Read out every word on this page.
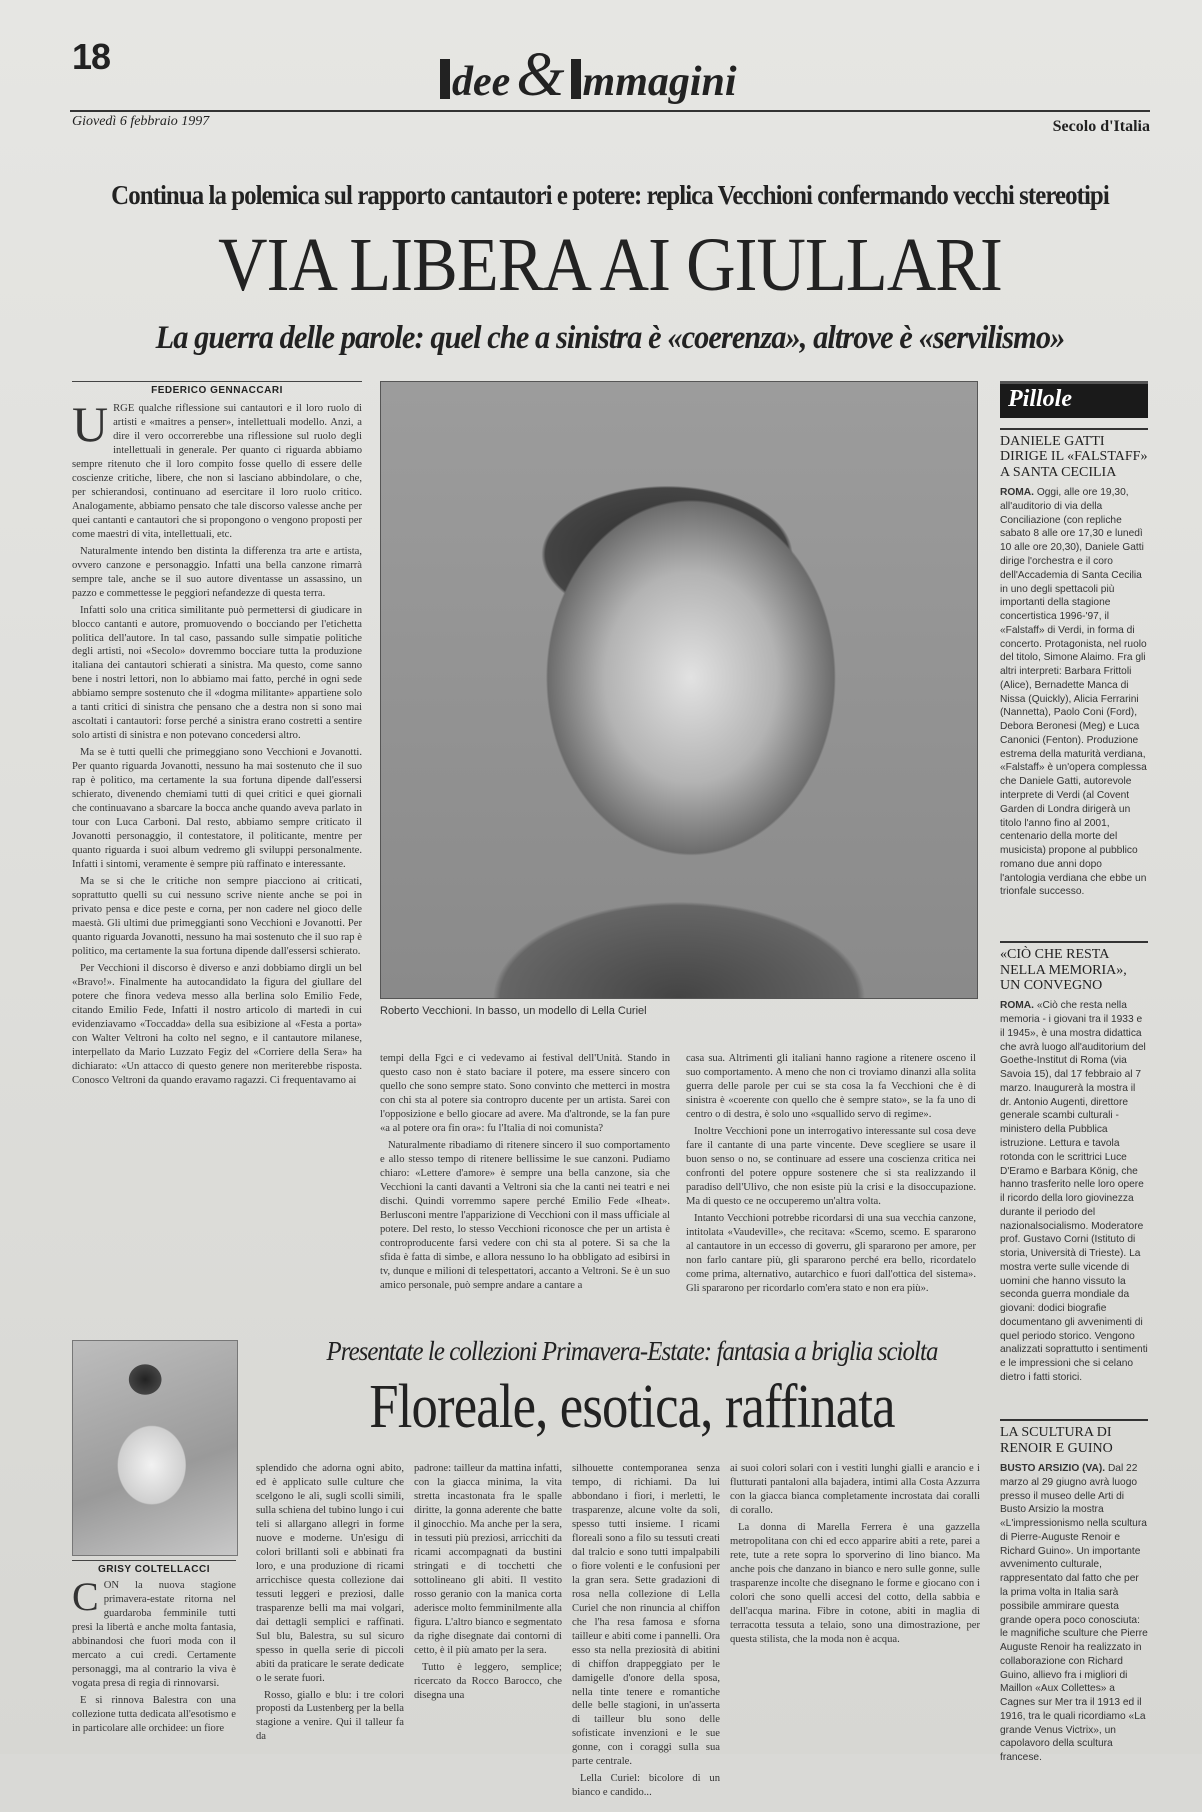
18
dee& mmagini
Giovedì 6 febbraio 1997	Secolo d'Italia
Continua la polemica sul rapporto cantautori e potere: replica Vecchioni confermando vecchi stereotipi
VIA LIBERA AI GIULLARI
La guerra delle parole: quel che a sinistra è «coerenza», altrove è «servilismo»
FEDERICO GENNACCARI
U RGE qualche riflessione sui cantautori e il loro ruolo di artisti e «maitres a penser», intellettuali modello. Anzi, a dire il vero occorrerebbe una riflessione sul ruolo degli intellettuali in generale. Per quanto ci riguarda abbiamo sempre ritenuto che il loro compito fosse quello di essere delle coscienze critiche, libere, che non si lasciano abbindolare, o che, per schierandosi, continuano ad esercitare il loro ruolo critico. Analogamente, abbiamo pensato che tale discorso valesse anche per quei cantanti e cantautori che si propongono o vengono proposti per come maestri di vita, intellettuali, etc.

Naturalmente intendo ben distinta la differenza tra arte e artista, ovvero canzone e personaggio. Infatti una bella canzone rimarrà sempre tale, anche se il suo autore diventasse un assassino, un pazzo e commettesse le peggiori nefandezze di questa terra.

Infatti solo una critica similitante può permettersi di giudicare in blocco cantanti e autore, promuovendo o bocciando per l'etichetta politica dell'autore. In tal caso, passando sulle simpatie politiche degli artisti, noi «Secolo» dovremmo bocciare tutta la produzione italiana dei cantautori schierati a sinistra. Ma questo, come sanno bene i nostri lettori, non lo abbiamo mai fatto, perché in ogni sede abbiamo sempre sostenuto che il «dogma militante» appartiene solo a tanti critici di sinistra che pensano che a destra non si sono mai ascoltati i cantautori: forse perché a sinistra erano costretti a sentire solo artisti di sinistra e non potevano concedersi altro.

Ma se è tutti quelli che primeggiano sono Vecchioni e Jovanotti. Per quanto riguarda Jovanotti, nessuno ha mai sostenuto che il suo rap è politico, ma certamente la sua fortuna dipende dall'essersi schierato, divenendo chemiami tutti di quei critici e quei giornali che continuavano a sbarcare la bocca anche quando aveva parlato in tour con Luca Carboni. Dal resto, abbiamo sempre criticato il Jovanotti personaggio, il contestatore, il politicante, mentre per quanto riguarda i suoi album vedremo gli sviluppi personalmente. Infatti i sintomi, veramente è sempre più raffinato e interessante.

Ma se si che le critiche non sempre piacciono ai criticati, soprattutto quelli su cui nessuno scrive niente anche se poi in privato pensa e dice peste e corna, per non cadere nel gioco delle maestà. Gli ultimi due primeggianti sono Vecchioni e Jovanotti. Per quanto riguarda Jovanotti, nessuno ha mai sostenuto che il suo rap è politico, ma certamente la sua fortuna dipende dall'essersi schierato.

Per Vecchioni il discorso è diverso e anzi dobbiamo dirgli un bel «Bravo!». Finalmente ha autocandidato la figura del giullare del potere che finora vedeva messo alla berlina solo Emilio Fede, citando Emilio Fede, Infatti il nostro articolo di martedì in cui evidenziavamo «Toccadda» della sua esibizione al «Festa a porta» con Walter Veltroni ha colto nel segno, e il cantautore milanese, interpellato da Mario Luzzato Fegiz del «Corriere della Sera» ha dichiarato: «Un attacco di questo genere non meriterebbe risposta. Conosco Veltroni da quando eravamo ragazzi. Ci frequentavamo ai

Roberto Vecchioni. In basso, un modello di Lella Curiel

tempi della Fgci e ci vedevamo ai festival dell'Unità. Stando in questo caso non è stato baciare il potere, ma essere sincero con quello che sono sempre stato. Sono convinto che metterci in mostra con chi sta al potere sia contropro ducente per un artista. Sarei con l'opposizione e bello giocare ad avere. Ma d'altronde, se la fan pure «a al potere ora fin ora»: fu l'Italia di noi comunista?

Naturalmente ribadiamo di ritenere sincero il suo comportamento e allo stesso tempo di ritenere bellissime le sue canzoni. Pudiamo chiaro: «Lettere d'amore» è sempre una bella canzone, sia che Vecchioni la canti davanti a Veltroni sia che la canti nei teatri e nei dischi. Quindi vorremmo sapere perché Emilio Fede «Iheat». Berlusconi mentre l'apparizione di Vecchioni con il mass ufficiale al potere. Del resto, lo stesso Vecchioni riconosce che per un artista è controproducente farsi vedere con chi sta al potere. Si sa che la sfida è fatta di simbe, e allora nessuno lo ha obbligato ad esibirsi in tv, dunque e milioni di telespettatori, accanto a Veltroni. Se è un suo amico personale, può sempre andare a cantare a

casa sua. Altrimenti gli italiani hanno ragione a ritenere osceno il suo comportamento. A meno che non ci troviamo dinanzi alla solita guerra delle parole per cui se sta cosa la fa Vecchioni che è di sinistra è «coerente con quello che è sempre stato», se la fa uno di centro o di destra, è solo uno «squallido servo di regime».

Inoltre Vecchioni pone un interrogativo interessante sul cosa deve fare il cantante di una parte vincente. Deve scegliere se usare il buon senso o no, se continuare ad essere una coscienza critica nei confronti del potere oppure sostenere che si sta realizzando il paradiso dell'Ulivo, che non esiste più la crisi e la disoccupazione. Ma di questo ce ne occuperemo un'altra volta.

Intanto Vecchioni potrebbe ricordarsi di una sua vecchia canzone, intitolata «Vaudeville», che recitava: «Scemo, scemo. E spararono al cantautore in un eccesso di goverru, gli spararono per amore, per non farlo cantare più, gli spararono perché era bello, ricordatelo come prima, alternativo, autarchico e fuori dall'ottica del sistema». Gli spararono per ricordarlo com'era stato e non era più».

Pillole
DANIELE GATTI DIRIGE IL «FALSTAFF» A SANTA CECILIA
ROMA. Oggi, alle ore 19,30, all'auditorio di via della Conciliazione (con repliche sabato 8 alle ore 17,30 e lunedì 10 alle ore 20,30), Daniele Gatti dirige l'orchestra e il coro dell'Accademia di Santa Cecilia in uno degli spettacoli più importanti della stagione concertistica 1996-'97, il «Falstaff» di Verdi, in forma di concerto. Protagonista, nel ruolo del titolo, Simone Alaimo. Fra gli altri interpreti: Barbara Frittoli (Alice), Bernadette Manca di Nissa (Quickly), Alicia Ferrarini (Nannetta), Paolo Coni (Ford), Debora Beronesi (Meg) e Luca Canonici (Fenton). Produzione estrema della maturità verdiana, «Falstaff» è un'opera complessa che Daniele Gatti, autorevole interprete di Verdi (al Covent Garden di Londra dirigerà un titolo l'anno fino al 2001, centenario della morte del musicista) propone al pubblico romano due anni dopo l'antologia verdiana che ebbe un trionfale successo.
«CIÒ CHE RESTA NELLA MEMORIA», UN CONVEGNO
ROMA. «Ciò che resta nella memoria - i giovani tra il 1933 e il 1945», è una mostra didattica che avrà luogo all'auditorium del Goethe-Institut di Roma (via Savoia 15), dal 17 febbraio al 7 marzo. Inaugurerà la mostra il dr. Antonio Augenti, direttore generale scambi culturali - ministero della Pubblica istruzione. Lettura e tavola rotonda con le scrittrici Luce D'Eramo e Barbara König, che hanno trasferito nelle loro opere il ricordo della loro giovinezza durante il periodo del nazionalsocialismo. Moderatore prof. Gustavo Corni (Istituto di storia, Università di Trieste). La mostra verte sulle vicende di uomini che hanno vissuto la seconda guerra mondiale da giovani: dodici biografie documentano gli avvenimenti di quel periodo storico. Vengono analizzati soprattutto i sentimenti e le impressioni che si celano dietro i fatti storici.
LA SCULTURA DI RENOIR E GUINO
BUSTO ARSIZIO (VA). Dal 22 marzo al 29 giugno avrà luogo presso il museo delle Arti di Busto Arsizio la mostra «L'impressionismo nella scultura di Pierre-Auguste Renoir e Richard Guino». Un importante avvenimento culturale, rappresentato dal fatto che per la prima volta in Italia sarà possibile ammirare questa grande opera poco conosciuta: le magnifiche sculture che Pierre Auguste Renoir ha realizzato in collaborazione con Richard Guino, allievo fra i migliori di Maillon «Aux Collettes» a Cagnes sur Mer tra il 1913 ed il 1916, tra le quali ricordiamo «La grande Venus Victrix», un capolavoro della scultura francese.
Presentate le collezioni Primavera-Estate: fantasia a briglia sciolta
Floreale, esotica, raffinata
GRISY COLTELLACCI
C ON la nuova stagione primavera-estate ritorna nel guardaroba femminile tutti presi la libertà e anche molta fantasia, abbinandosi che fuori moda con il mercato a cui credi. Certamente personaggi, ma al contrario la viva è vogata presa di regia di rinnovarsi.

E si rinnova Balestra con una collezione tutta dedicata all'esotismo e in particolare alle orchidee: un fiore

splendido che adorna ogni abito, ed è applicato sulle culture che scelgono le ali, sugli scolli simili, sulla schiena del tubino lungo i cui teli si allargano allegri in forme nuove e moderne. Un'esigu di colori brillanti soli e abbinati fra loro, e una produzione di ricami arricchisce questa collezione dai tessuti leggeri e preziosi, dalle trasparenze belli ma mai volgari, dai dettagli semplici e raffinati. Sul blu, Balestra, su sul sicuro spesso in quella serie di piccoli abiti da praticare le serate dedicate o le serate fuori.

Rosso, giallo e blu: i tre colori proposti da Lustenberg per la bella stagione a venire. Qui il talleur fa da

padrone: tailleur da mattina infatti, con la giacca minima, la vita stretta incastonata fra le spalle diritte, la gonna aderente che batte il ginocchio. Ma anche per la sera, in tessuti più preziosi, arricchiti da ricami accompagnati da bustini stringati e di tocchetti che sottolineano gli abiti. Il vestito rosso geranio con la manica corta aderisce molto femminilmente alla figura. L'altro bianco e segmentato da righe disegnate dai contorni di cetto, è il più amato per la sera.

Tutto è leggero, semplice; ricercato da Rocco Barocco, che disegna una

silhouette contemporanea senza tempo, di richiami. Da lui abbondano i fiori, i merletti, le trasparenze, alcune volte da soli, spesso tutti insieme. I ricami floreali sono a filo su tessuti creati dal tralcio e sono tutti impalpabili o fiore volenti e le confusioni per la gran sera. Sette gradazioni di rosa nella collezione di Lella Curiel che non rinuncia al chiffon che l'ha resa famosa e sforna tailleur e abiti come i pannelli. Ora esso sta nella preziosità di abitini di chiffon drappeggiato per le damigelle d'onore della sposa, nella tinte tenere e romantiche delle belle stagioni, in un'asserta di tailleur blu sono delle sofisticate invenzioni e le sue gonne, con i coraggi sulla sua parte centrale.

Lella Curiel: bicolore di un bianco e candido...

ai suoi colori solari con i vestiti lunghi gialli e arancio e i flutturati pantaloni alla bajadera, intimi alla Costa Azzurra con la giacca bianca completamente incrostata dai coralli di corallo.

La donna di Marella Ferrera è una gazzella metropolitana con chi ed ecco apparire abiti a rete, parei a rete, tute a rete sopra lo sporverino di lino bianco. Ma anche pois che danzano in bianco e nero sulle gonne, sulle trasparenze incolte che disegnano le forme e giocano con i colori che sono quelli accesi del cotto, della sabbia e dell'acqua marina. Fibre in cotone, abiti in maglia di terracotta tessuta a telaio, sono una dimostrazione, per questa stilista, che la moda non è acqua.
